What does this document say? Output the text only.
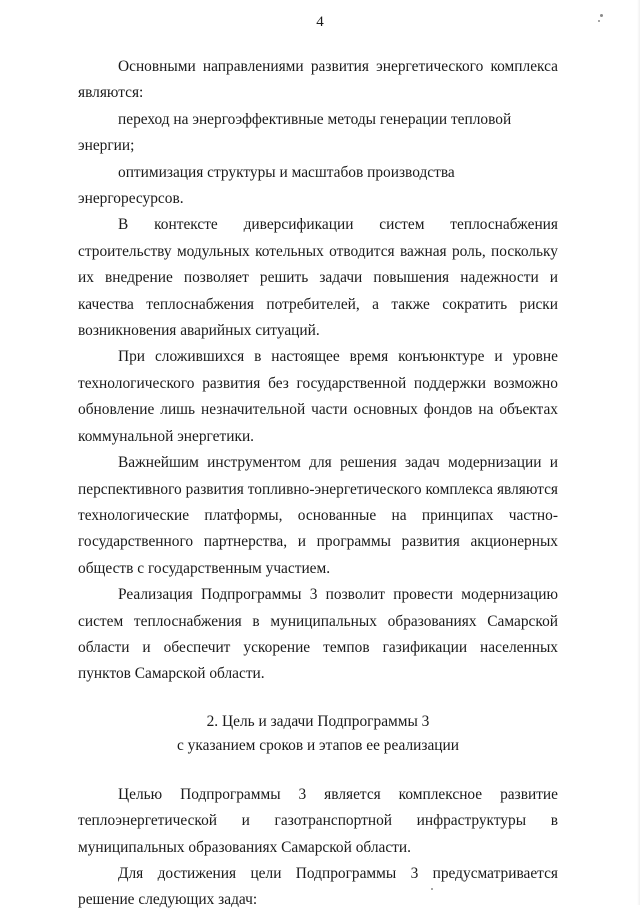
4

Основными направлениями развития энергетического комплекса являются:

переход на энергоэффективные методы генерации тепловой энергии;

оптимизация структуры и масштабов производства энергоресурсов.

В контексте диверсификации систем теплоснабжения строительству модульных котельных отводится важная роль, поскольку их внедрение позволяет решить задачи повышения надежности и качества теплоснабжения потребителей, а также сократить риски возникновения аварийных ситуаций.

При сложившихся в настоящее время конъюнктуре и уровне технологического развития без государственной поддержки возможно обновление лишь незначительной части основных фондов на объектах коммунальной энергетики.

Важнейшим инструментом для решения задач модернизации и перспективного развития топливно-энергетического комплекса являются технологические платформы, основанные на принципах частно-государственного партнерства, и программы развития акционерных обществ с государственным участием.

Реализация Подпрограммы 3 позволит провести модернизацию систем теплоснабжения в муниципальных образованиях Самарской области и обеспечит ускорение темпов газификации населенных пунктов Самарской области.

2. Цель и задачи Подпрограммы 3

с указанием сроков и этапов ее реализации

Целью Подпрограммы 3 является комплексное развитие теплоэнергетической и газотранспортной инфраструктуры в муниципальных образованиях Самарской области.

Для достижения цели Подпрограммы 3 предусматривается решение следующих задач:
